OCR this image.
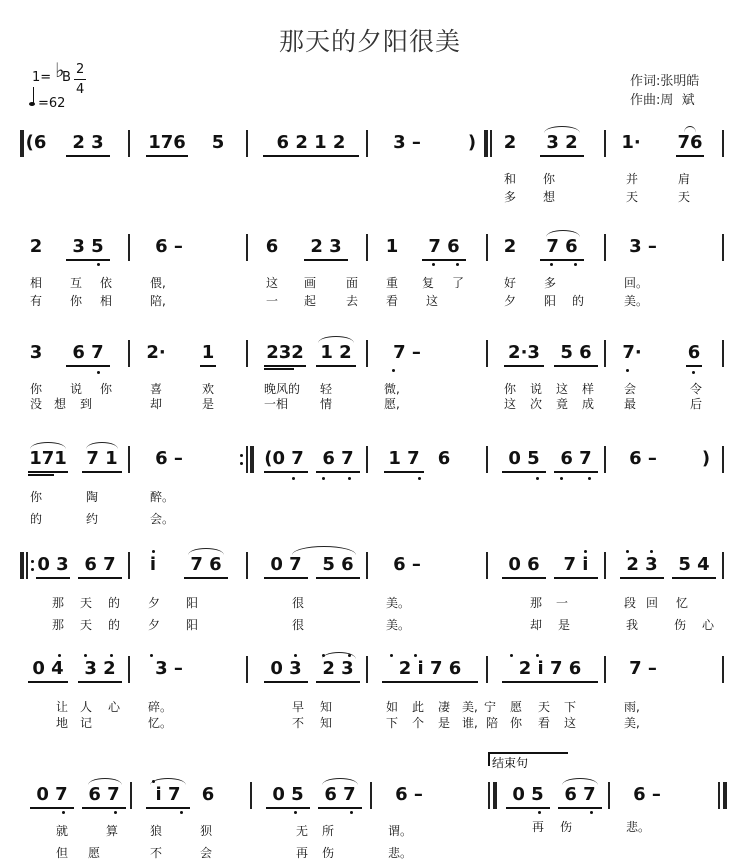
那天的夕阳很美
1= ♭
B
2
4
=62
作词:张明皓
作曲:周  斌
(6	2 3	176 5	6 2 1 2	3 –	) 2	3 2	1· 76
和 你	并	肩
多 想	天	天
2	3 5	6 –	6	2 3	1	7 6	2	7 6	3 –
相 互 依	偎,	这 画 面 重 复 了	好 多	回。
有 你 相	陪,	一 起 去 看 这	夕 阳 的	美。
3	6 7	2· 1	232 1 2	7 –	2·3	5 6	7·	6
你 说 你	喜	欢	晚风的 轻	微,	你 说 这 样 会	令
没 想 到	却	是	一相	情	愿,	这 次 竟 成 最	后
171 7 1	6 –	(0 7	6 7	1 7 6	0 5	6 7	6 –	)
你	陶	醉。
的	约	会。
0 3 6 7	i	7 6	0 7	5 6	6 –	0 6	7 i	2 3	5 4
那 天 的 夕 阳	很	美。	那 一	段 回 忆
那 天 的 夕 阳	很	美。	却 是	我	伤 心
0 4	3 2	3 –	0 3	2 3	2 i 7 6	2 i 7 6	7 –
让 人 心 碎。	早 知	如 此 凄 美, 宁 愿 天 下	雨,
地 记	忆。	不 知	下 个 是 谁, 陪 你 看 这	美,
结束句
0 7	6 7	i 7	6	0 5	6 7	6 –	0 5	6 7	6 –
就	算	狼	狈	无 所	谓。	再 伤	悲。
但 愿	不	会	再 伤	悲。
